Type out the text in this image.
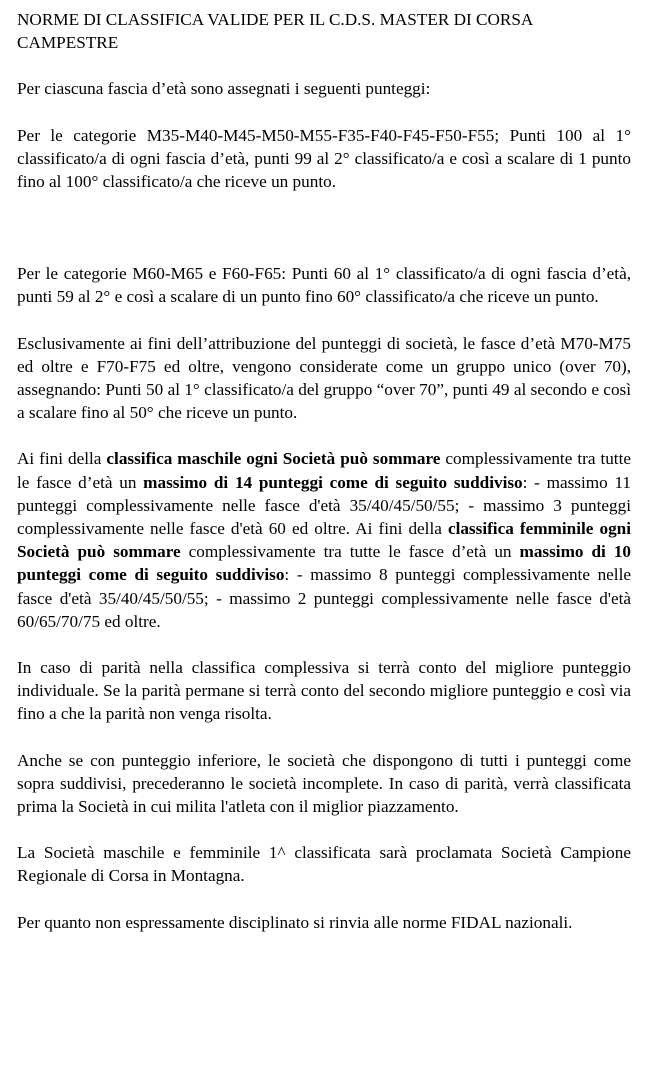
NORME DI CLASSIFICA VALIDE PER IL C.D.S. MASTER DI CORSA CAMPESTRE

Per ciascuna fascia d’età sono assegnati i seguenti punteggi:

Per le categorie M35-M40-M45-M50-M55-F35-F40-F45-F50-F55; Punti 100 al 1° classificato/a di ogni fascia d’età, punti 99 al 2° classificato/a e così a scalare di 1 punto fino al 100° classificato/a che riceve un punto.

Per le categorie M60-M65 e F60-F65: Punti 60 al 1° classificato/a di ogni fascia d’età, punti 59 al 2° e così a scalare di un punto fino 60° classificato/a che riceve un punto.

Esclusivamente ai fini dell’attribuzione del punteggi di società, le fasce d’età M70-M75 ed oltre e F70-F75 ed oltre, vengono considerate come un gruppo unico (over 70), assegnando: Punti 50 al 1° classificato/a del gruppo “over 70”, punti 49 al secondo e così a scalare fino al 50° che riceve un punto.

Ai fini della classifica maschile ogni Società può sommare complessivamente tra tutte le fasce d’età un massimo di 14 punteggi come di seguito suddiviso: - massimo 11 punteggi complessivamente nelle fasce d'età 35/40/45/50/55; - massimo 3 punteggi complessivamente nelle fasce d'età 60 ed oltre. Ai fini della classifica femminile ogni Società può sommare complessivamente tra tutte le fasce d’età un massimo di 10 punteggi come di seguito suddiviso: - massimo 8 punteggi complessivamente nelle fasce d'età 35/40/45/50/55; - massimo 2 punteggi complessivamente nelle fasce d'età 60/65/70/75 ed oltre.

In caso di parità nella classifica complessiva si terrà conto del migliore punteggio individuale. Se la parità permane si terrà conto del secondo migliore punteggio e così via fino a che la parità non venga risolta.

Anche se con punteggio inferiore, le società che dispongono di tutti i punteggi come sopra suddivisi, precederanno le società incomplete. In caso di parità, verrà classificata prima la Società in cui milita l'atleta con il miglior piazzamento.

La Società maschile e femminile 1^ classificata sarà proclamata Società Campione Regionale di Corsa in Montagna.

Per quanto non espressamente disciplinato si rinvia alle norme FIDAL nazionali.
